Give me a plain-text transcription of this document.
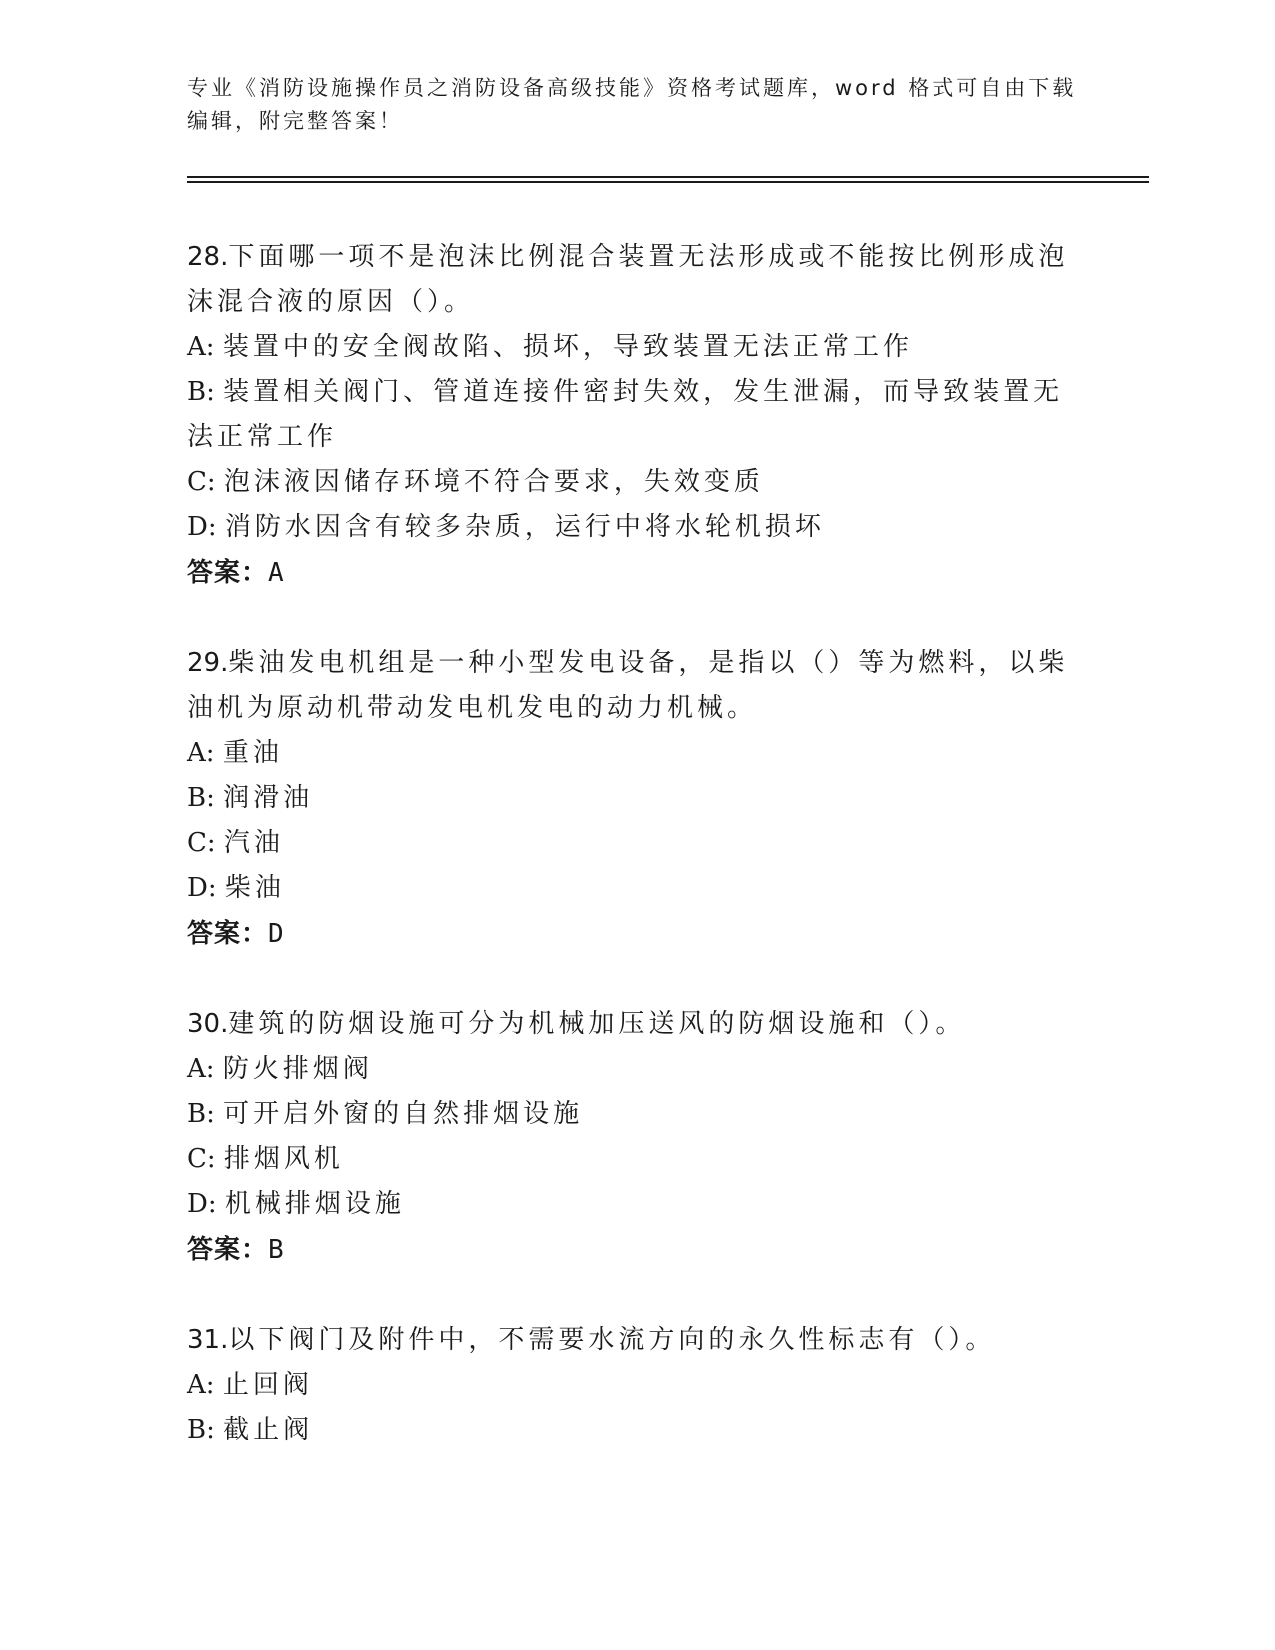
专业《消防设施操作员之消防设备高级技能》资格考试题库，word 格式可自由下载编辑，附完整答案！

28.下面哪一项不是泡沫比例混合装置无法形成或不能按比例形成泡沫混合液的原因（）。

A: 装置中的安全阀故陷、损坏，导致装置无法正常工作

B: 装置相关阀门、管道连接件密封失效，发生泄漏，而导致装置无法正常工作

C: 泡沫液因储存环境不符合要求，失效变质

D: 消防水因含有较多杂质，运行中将水轮机损坏

答案：A

29.柴油发电机组是一种小型发电设备，是指以（）等为燃料，以柴油机为原动机带动发电机发电的动力机械。

A: 重油

B: 润滑油

C: 汽油

D: 柴油

答案：D

30.建筑的防烟设施可分为机械加压送风的防烟设施和（）。

A: 防火排烟阀

B: 可开启外窗的自然排烟设施

C: 排烟风机

D: 机械排烟设施

答案：B

31.以下阀门及附件中，不需要水流方向的永久性标志有（）。

A: 止回阀

B: 截止阀
